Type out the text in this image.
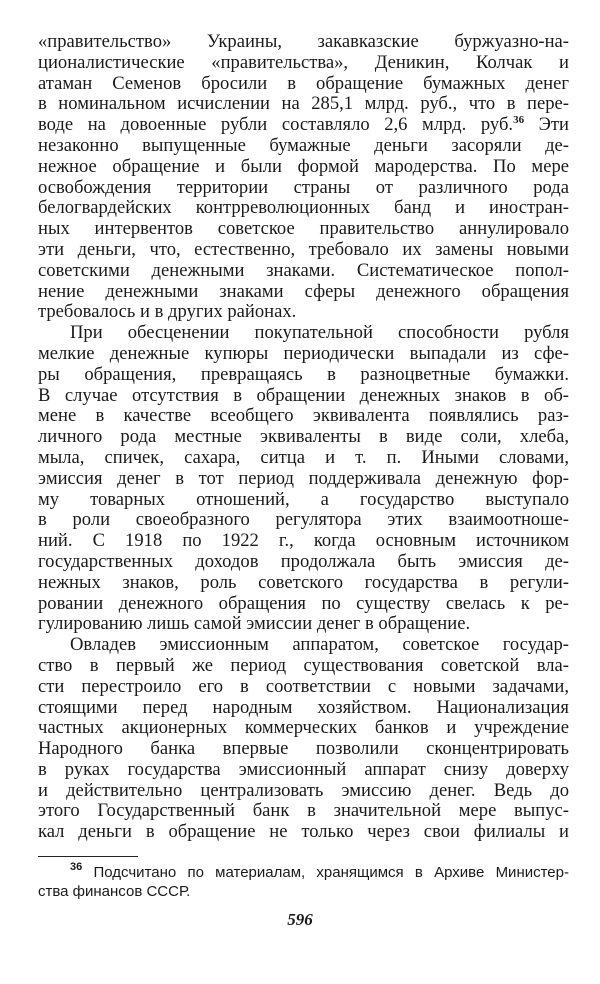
«правительство» Украины, закавказские буржуазно-на-
ционалистические «правительства», Деникин, Колчак и
атаман Семенов бросили в обращение бумажных денег
в номинальном исчислении на 285,1 млрд. руб., что в пере-
воде на довоенные рубли составляло 2,6 млрд. руб.$^{36}$ Эти
незаконно выпущенные бумажные деньги засоряли де-
нежное обращение и были формой мародерства. По мере
освобождения территории страны от различного рода
белогвардейских контрреволюционных банд и иностран-
ных интервентов советское правительство аннулировало
эти деньги, что, естественно, требовало их замены новыми
советскими денежными знаками. Систематическое попол-
нение денежными знаками сферы денежного обращения
требовалось и в других районах.
При обесценении покупательной способности рубля
мелкие денежные купюры периодически выпадали из сфе-
ры обращения, превращаясь в разноцветные бумажки.
В случае отсутствия в обращении денежных знаков в об-
мене в качестве всеобщего эквивалента появлялись раз-
личного рода местные эквиваленты в виде соли, хлеба,
мыла, спичек, сахара, ситца и т. п. Иными словами,
эмиссия денег в тот период поддерживала денежную фор-
му товарных отношений, а государство выступало
в роли своеобразного регулятора этих взаимоотноше-
ний. С 1918 по 1922 г., когда основным источником
государственных доходов продолжала быть эмиссия де-
нежных знаков, роль советского государства в регули-
ровании денежного обращения по существу свелась к ре-
гулированию лишь самой эмиссии денег в обращение.
Овладев эмиссионным аппаратом, советское государ-
ство в первый же период существования советской вла-
сти перестроило его в соответствии с новыми задачами,
стоящими перед народным хозяйством. Национализация
частных акционерных коммерческих банков и учреждение
Народного банка впервые позволили сконцентрировать
в руках государства эмиссионный аппарат снизу доверху
и действительно централизовать эмиссию денег. Ведь до
этого Государственный банк в значительной мере выпус-
кал деньги в обращение не только через свои филиалы и
$^{36}$ Подсчитано по материалам, хранящимся в Архиве Министер-
ства финансов СССР.
596
